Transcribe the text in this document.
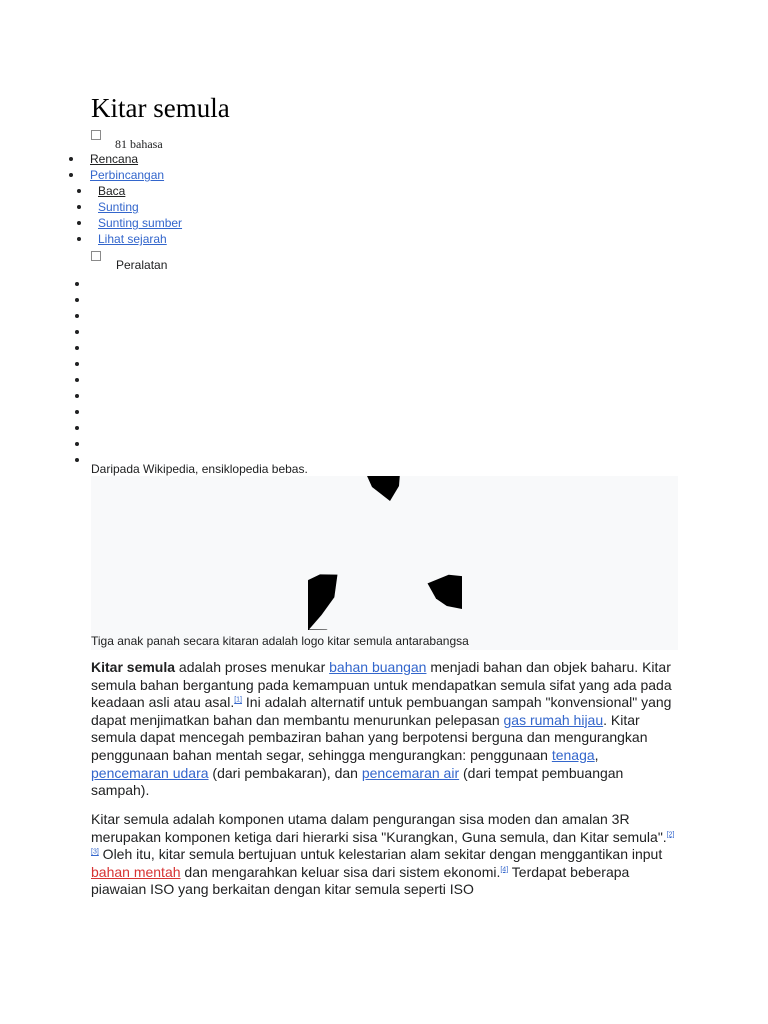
Kitar semula
81 bahasa
Rencana
Perbincangan
Baca
Sunting
Sunting sumber
Lihat sejarah
Peralatan
Daripada Wikipedia, ensiklopedia bebas.
Tiga anak panah secara kitaran adalah logo kitar semula antarabangsa

Kitar semula adalah proses menukar bahan buangan menjadi bahan dan objek baharu. Kitar semula bahan bergantung pada kemampuan untuk mendapatkan semula sifat yang ada pada keadaan asli atau asal.[1] Ini adalah alternatif untuk pembuangan sampah "konvensional" yang dapat menjimatkan bahan dan membantu menurunkan pelepasan gas rumah hijau. Kitar semula dapat mencegah pembaziran bahan yang berpotensi berguna dan mengurangkan penggunaan bahan mentah segar, sehingga mengurangkan: penggunaan tenaga, pencemaran udara (dari pembakaran), dan pencemaran air (dari tempat pembuangan sampah).

Kitar semula adalah komponen utama dalam pengurangan sisa moden dan amalan 3R merupakan komponen ketiga dari hierarki sisa "Kurangkan, Guna semula, dan Kitar semula".[2][3] Oleh itu, kitar semula bertujuan untuk kelestarian alam sekitar dengan menggantikan input bahan mentah dan mengarahkan keluar sisa dari sistem ekonomi.[4] Terdapat beberapa piawaian ISO yang berkaitan dengan kitar semula seperti ISO
